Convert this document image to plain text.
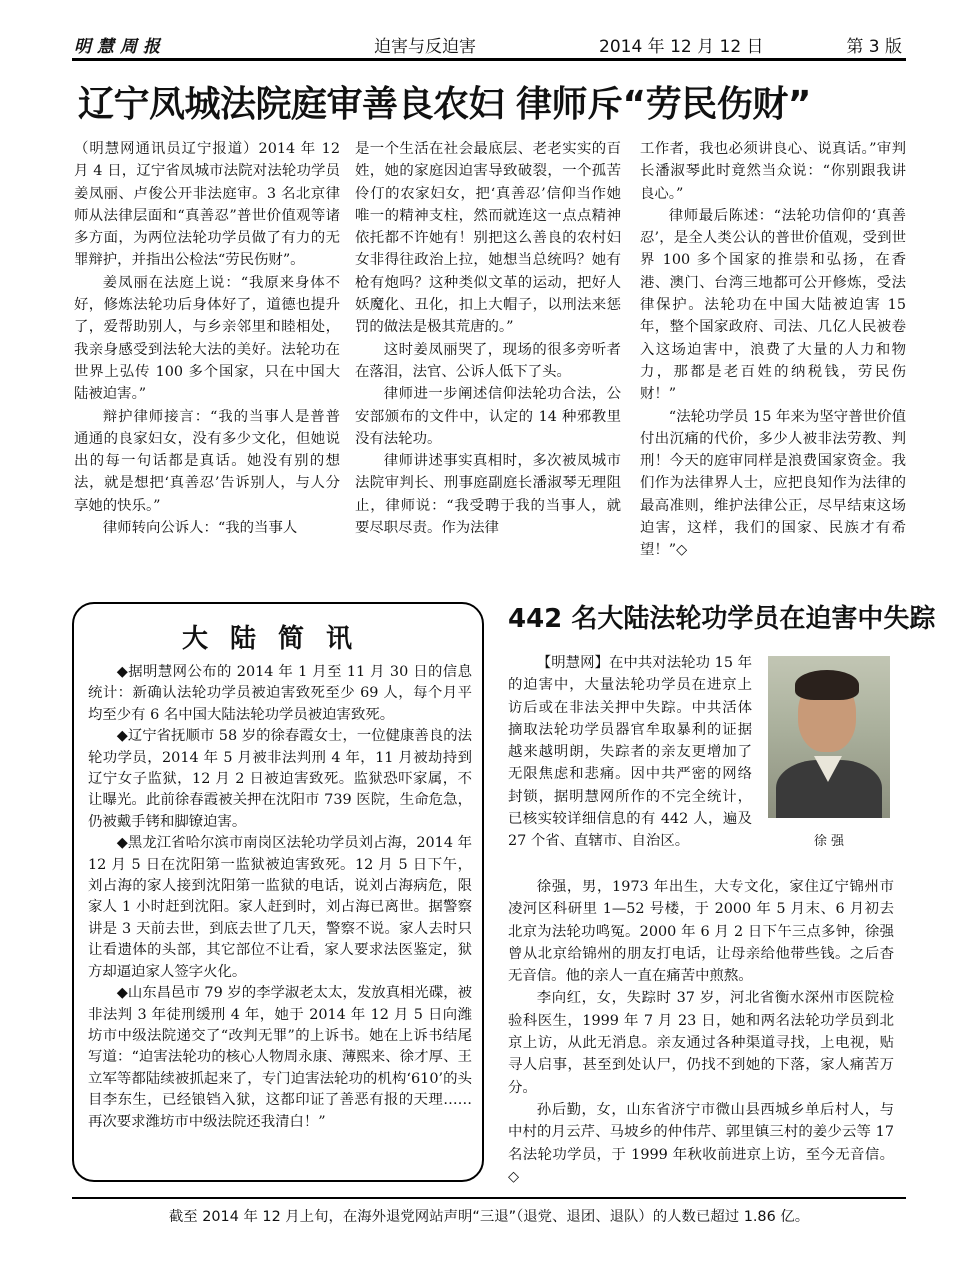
明慧周报	迫害与反迫害	2014 年 12 月 12 日	第 3 版
辽宁凤城法院庭审善良农妇 律师斥“劳民伤财”

（明慧网通讯员辽宁报道）2014 年 12 月 4 日，辽宁省凤城市法院对法轮功学员姜凤丽、卢俊公开非法庭审。3 名北京律师从法律层面和“真善忍”普世价值观等诸多方面，为两位法轮功学员做了有力的无罪辩护，并指出公检法“劳民伤财”。

姜凤丽在法庭上说：“我原来身体不好，修炼法轮功后身体好了，道德也提升了，爱帮助别人，与乡亲邻里和睦相处，我亲身感受到法轮大法的美好。法轮功在世界上弘传 100 多个国家，只在中国大陆被迫害。”

辩护律师接言：“我的当事人是普普通通的良家妇女，没有多少文化，但她说出的每一句话都是真话。她没有别的想法，就是想把‘真善忍’告诉别人，与人分享她的快乐。”

律师转向公诉人：“我的当事人

是一个生活在社会最底层、老老实实的百姓，她的家庭因迫害导致破裂，一个孤苦伶仃的农家妇女，把‘真善忍’信仰当作她唯一的精神支柱，然而就连这一点点精神依托都不许她有！别把这么善良的农村妇女非得往政治上拉，她想当总统吗？她有枪有炮吗？这种类似文革的运动，把好人妖魔化、丑化，扣上大帽子，以刑法来惩罚的做法是极其荒唐的。”

这时姜凤丽哭了，现场的很多旁听者在落泪，法官、公诉人低下了头。

律师进一步阐述信仰法轮功合法，公安部颁布的文件中，认定的 14 种邪教里没有法轮功。

律师讲述事实真相时，多次被凤城市法院审判长、刑事庭副庭长潘淑琴无理阻止，律师说：“我受聘于我的当事人，就要尽职尽责。作为法律

工作者，我也必须讲良心、说真话。”审判长潘淑琴此时竟然当众说：“你别跟我讲良心。”

律师最后陈述：“法轮功信仰的‘真善忍’，是全人类公认的普世价值观，受到世界 100 多个国家的推崇和弘扬，在香港、澳门、台湾三地都可公开修炼，受法律保护。法轮功在中国大陆被迫害 15 年，整个国家政府、司法、几亿人民被卷入这场迫害中，浪费了大量的人力和物力，那都是老百姓的纳税钱，劳民伤财！”

“法轮功学员 15 年来为坚守普世价值付出沉痛的代价，多少人被非法劳教、判刑！今天的庭审同样是浪费国家资金。我们作为法律界人士，应把良知作为法律的最高准则，维护法律公正，尽早结束这场迫害，这样，我们的国家、民族才有希望！”◇

大陆简讯

◆据明慧网公布的 2014 年 1 月至 11 月 30 日的信息统计：新确认法轮功学员被迫害致死至少 69 人，每个月平均至少有 6 名中国大陆法轮功学员被迫害致死。

◆辽宁省抚顺市 58 岁的徐春霞女士，一位健康善良的法轮功学员，2014 年 5 月被非法判刑 4 年，11 月被劫持到辽宁女子监狱，12 月 2 日被迫害致死。监狱恐吓家属，不让曝光。此前徐春霞被关押在沈阳市 739 医院，生命危急，仍被戴手铐和脚镣迫害。

◆黑龙江省哈尔滨市南岗区法轮功学员刘占海，2014 年 12 月 5 日在沈阳第一监狱被迫害致死。12 月 5 日下午，刘占海的家人接到沈阳第一监狱的电话，说刘占海病危，限家人 1 小时赶到沈阳。家人赶到时，刘占海已离世。据警察讲是 3 天前去世，到底去世了几天，警察不说。家人去时只让看遗体的头部，其它部位不让看，家人要求法医鉴定，狱方却逼迫家人签字火化。

◆山东昌邑市 79 岁的李学淑老太太，发放真相光碟，被非法判 3 年徒刑缓刑 4 年，她于 2014 年 12 月 5 日向潍坊市中级法院递交了“改判无罪”的上诉书。她在上诉书结尾写道：“迫害法轮功的核心人物周永康、薄熙来、徐才厚、王立军等都陆续被抓起来了，专门迫害法轮功的机构‘610’的头目李东生，已经锒铛入狱，这都印证了善恶有报的天理……再次要求潍坊市中级法院还我清白！”

442 名大陆法轮功学员在迫害中失踪

【明慧网】在中共对法轮功 15 年的迫害中，大量法轮功学员在进京上访后或在非法关押中失踪。中共活体摘取法轮功学员器官牟取暴利的证据越来越明朗，失踪者的亲友更增加了无限焦虑和悲痛。因中共严密的网络封锁，据明慧网所作的不完全统计，已核实较详细信息的有 442 人，遍及 27 个省、直辖市、自治区。	徐 强

徐强，男，1973 年出生，大专文化，家住辽宁锦州市凌河区科研里 1—52 号楼，于 2000 年 5 月末、6 月初去北京为法轮功鸣冤。2000 年 6 月 2 日下午三点多钟，徐强曾从北京给锦州的朋友打电话，让母亲给他带些钱。之后杳无音信。他的亲人一直在痛苦中煎熬。

李向红，女，失踪时 37 岁，河北省衡水深州市医院检验科医生，1999 年 7 月 23 日，她和两名法轮功学员到北京上访，从此无消息。亲友通过各种渠道寻找，上电视，贴寻人启事，甚至到处认尸，仍找不到她的下落，家人痛苦万分。

孙后勤，女，山东省济宁市微山县西城乡单后村人，与中村的月云芹、马坡乡的仲伟芹、郭里镇三村的姜少云等 17 名法轮功学员，于 1999 年秋收前进京上访，至今无音信。◇

截至 2014 年 12 月上旬，在海外退党网站声明“三退”（退党、退团、退队）的人数已超过 1.86 亿。
